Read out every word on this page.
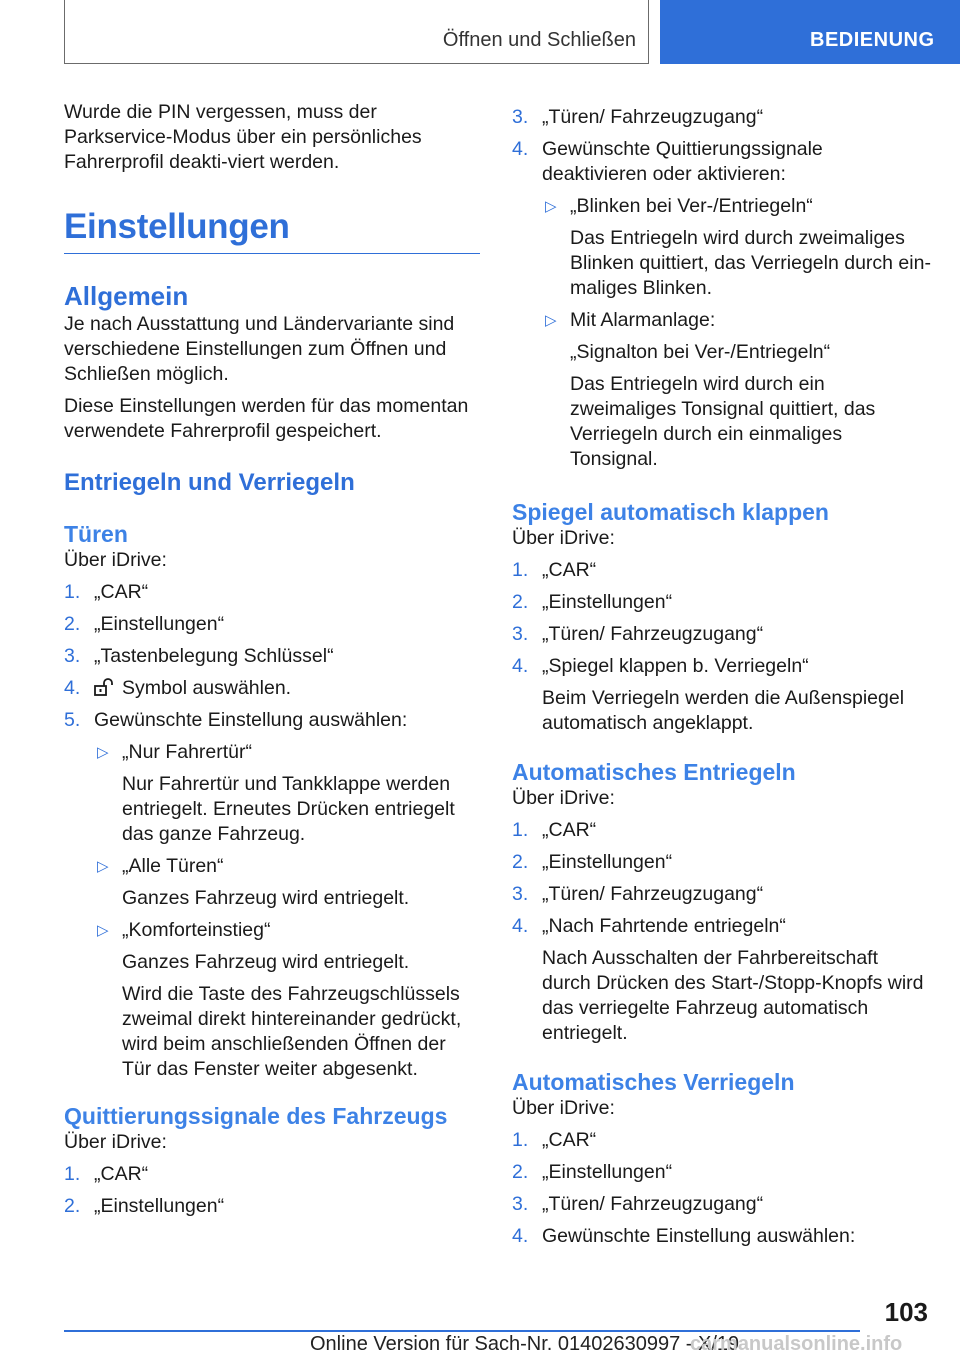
Öffnen und Schließen	BEDIENUNG

Wurde die PIN vergessen, muss der Parkservice-Modus über ein persönliches Fahrerprofil deakti-viert werden.

Einstellungen
Allgemein

Je nach Ausstattung und Ländervariante sind verschiedene Einstellungen zum Öffnen und Schließen möglich.

Diese Einstellungen werden für das momentan verwendete Fahrerprofil gespeichert.

Entriegeln und Verriegeln
Türen

Über iDrive:

1. „CAR“
2. „Einstellungen“
3. „Tastenbelegung Schlüssel“
4. Symbol auswählen.
5. Gewünschte Einstellung auswählen:
▷ „Nur Fahrertür“
Nur Fahrertür und Tankklappe werden entriegelt. Erneutes Drücken entriegelt das ganze Fahrzeug.
▷ „Alle Türen“
Ganzes Fahrzeug wird entriegelt.
▷ „Komforteinstieg“
Ganzes Fahrzeug wird entriegelt.
Wird die Taste des Fahrzeugschlüssels zweimal direkt hintereinander gedrückt, wird beim anschließenden Öffnen der Tür das Fenster weiter abgesenkt.
Quittierungssignale des Fahrzeugs

Über iDrive:

1. „CAR“
2. „Einstellungen“
3. „Türen/ Fahrzeugzugang“
4. Gewünschte Quittierungssignale deaktivieren oder aktivieren:
▷ „Blinken bei Ver-/Entriegeln“
Das Entriegeln wird durch zweimaliges Blinken quittiert, das Verriegeln durch ein-maliges Blinken.
▷ Mit Alarmanlage:
„Signalton bei Ver-/Entriegeln“
Das Entriegeln wird durch ein zweimaliges Tonsignal quittiert, das Verriegeln durch ein einmaliges Tonsignal.
Spiegel automatisch klappen

Über iDrive:

1. „CAR“
2. „Einstellungen“
3. „Türen/ Fahrzeugzugang“
4. „Spiegel klappen b. Verriegeln“
Beim Verriegeln werden die Außenspiegel automatisch angeklappt.
Automatisches Entriegeln

Über iDrive:

1. „CAR“
2. „Einstellungen“
3. „Türen/ Fahrzeugzugang“
4. „Nach Fahrtende entriegeln“
Nach Ausschalten der Fahrbereitschaft durch Drücken des Start-/Stopp-Knopfs wird das verriegelte Fahrzeug automatisch entriegelt.
Automatisches Verriegeln

Über iDrive:

1. „CAR“
2. „Einstellungen“
3. „Türen/ Fahrzeugzugang“
4. Gewünschte Einstellung auswählen:
103
Online Version für Sach-Nr. 01402630997 - X/19
carmanualsonline.info
